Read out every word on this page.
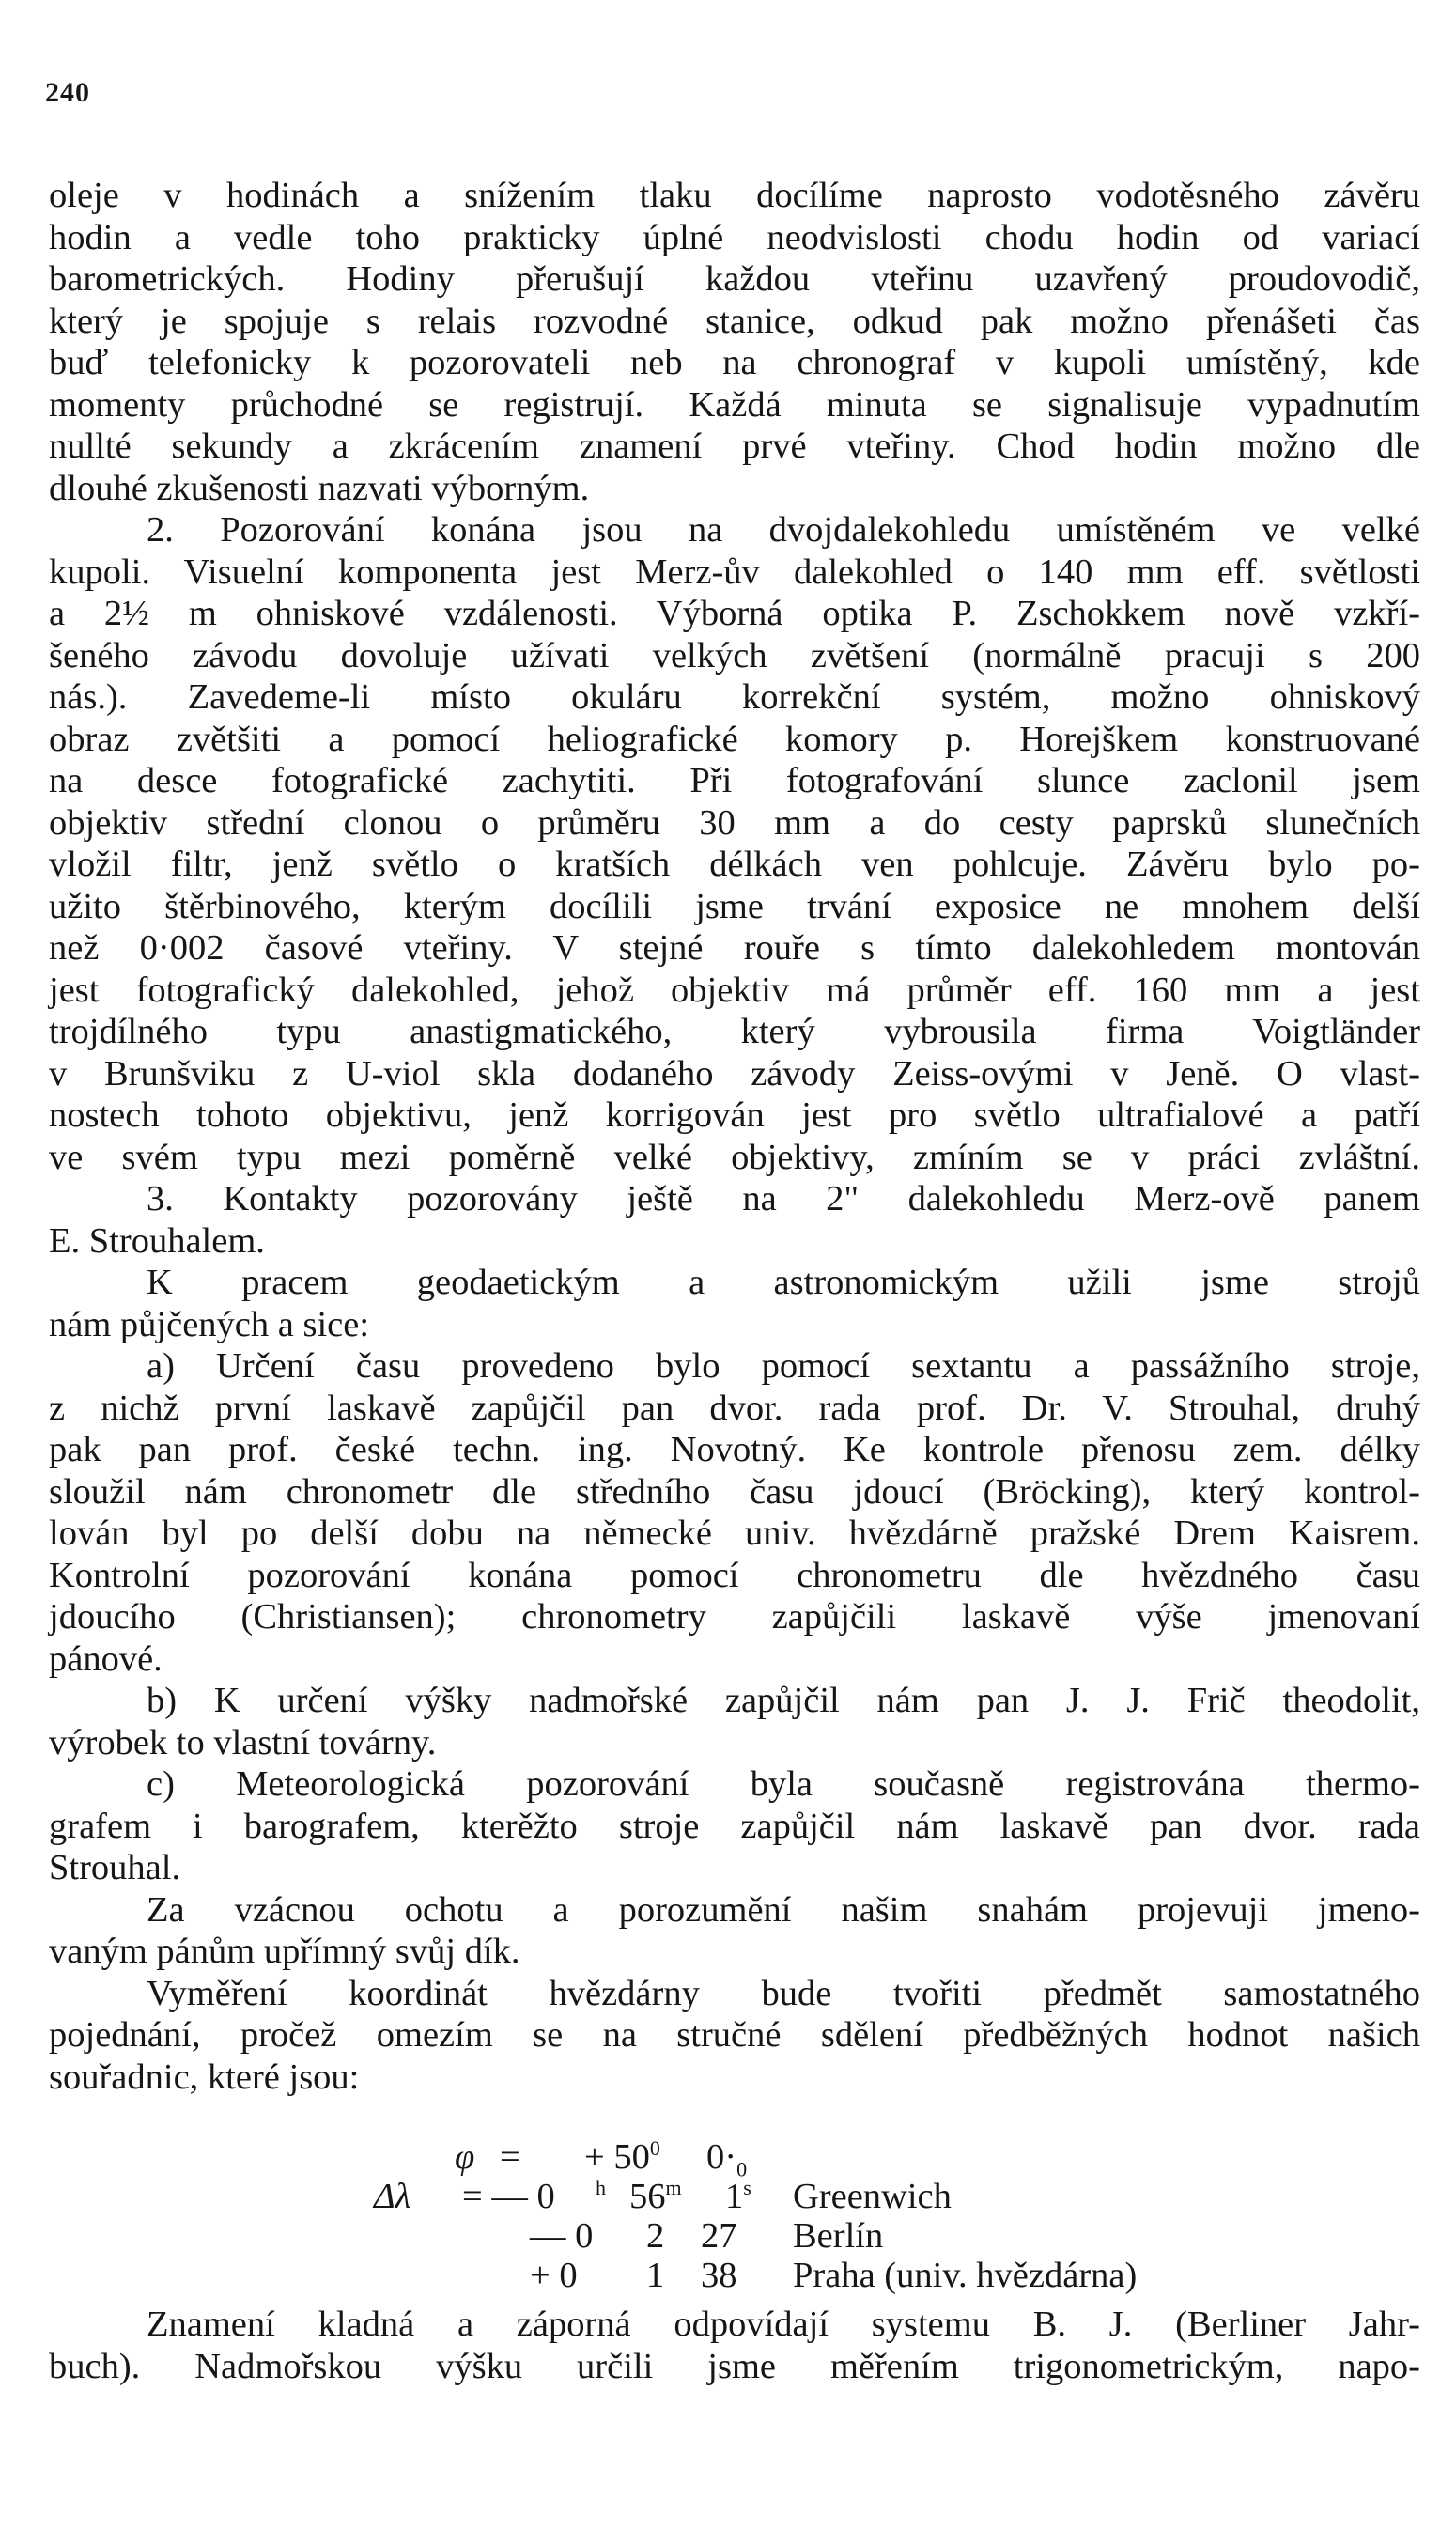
240
oleje v hodinách a snížením tlaku docílíme naprosto vodotěsného závěru
hodin a vedle toho prakticky úplné neodvislosti chodu hodin od variací
barometrických. Hodiny přerušují každou vteřinu uzavřený proudovodič,
který je spojuje s relais rozvodné stanice, odkud pak možno přenášeti čas
buď telefonicky k pozorovateli neb na chronograf v kupoli umístěný, kde
momenty průchodné se registrují. Každá minuta se signalisuje vypadnutím
nullté sekundy a zkrácením znamení prvé vteřiny. Chod hodin možno dle
dlouhé zkušenosti nazvati výborným.
2. Pozorování konána jsou na dvojdalekohledu umístěném ve velké
kupoli. Visuelní komponenta jest Merz-ův dalekohled o 140 mm eff. světlosti
a 2½ m ohniskové vzdálenosti. Výborná optika P. Zschokkem nově vzkří-
šeného závodu dovoluje užívati velkých zvětšení (normálně pracuji s 200
nás.). Zavedeme-li místo okuláru korrekční systém, možno ohniskový
obraz zvětšiti a pomocí heliografické komory p. Horejškem konstruované
na desce fotografické zachytiti. Při fotografování slunce zaclonil jsem
objektiv střední clonou o průměru 30 mm a do cesty paprsků slunečních
vložil filtr, jenž světlo o kratších délkách ven pohlcuje. Závěru bylo po-
užito štěrbinového, kterým docílili jsme trvání exposice ne mnohem delší
než 0·002 časové vteřiny. V stejné rouře s tímto dalekohledem montován
jest fotografický dalekohled, jehož objektiv má průměr eff. 160 mm a jest
trojdílného typu anastigmatického, který vybrousila firma Voigtländer
v Brunšviku z U-viol skla dodaného závody Zeiss-ovými v Jeně. O vlast-
nostech tohoto objektivu, jenž korrigován jest pro světlo ultrafialové a patří
ve svém typu mezi poměrně velké objektivy, zmíním se v práci zvláštní.
3. Kontakty pozorovány ještě na 2" dalekohledu Merz-ově panem
E. Strouhalem.
K pracem geodaetickým a astronomickým užili jsme strojů
nám půjčených a sice:
a) Určení času provedeno bylo pomocí sextantu a passážního stroje,
z nichž první laskavě zapůjčil pan dvor. rada prof. Dr. V. Strouhal, druhý
pak pan prof. české techn. ing. Novotný. Ke kontrole přenosu zem. délky
sloužil nám chronometr dle středního času jdoucí (Bröcking), který kontrol-
lován byl po delší dobu na německé univ. hvězdárně pražské Drem Kaisrem.
Kontrolní pozorování konána pomocí chronometru dle hvězdného času
jdoucího (Christiansen); chronometry zapůjčili laskavě výše jmenovaní
pánové.
b) K určení výšky nadmořské zapůjčil nám pan J. J. Frič theodolit,
výrobek to vlastní továrny.
c) Meteorologická pozorování byla současně registrována thermo-
grafem i barografem, kterěžto stroje zapůjčil nám laskavě pan dvor. rada
Strouhal.
Za vzácnou ochotu a porozumění našim snahám projevuji jmeno-
vaným pánům upřímný svůj dík.
Vyměření koordinát hvězdárny bude tvořiti předmět samostatného
pojednání, pročež omezím se na stručné sdělení předběžných hodnot našich
souřadnic, které jsou:
φ = + $50^0$ $0\cdot_0$
Δλ = — 0 $^h$ 56$^m$ 1$^s$ Greenwich
— 0 2 27 Berlín
+ 0 1 38 Praha (univ. hvězdárna)
Znamení kladná a záporná odpovídají systemu B. J. (Berliner Jahr-
buch). Nadmořskou výšku určili jsme měřením trigonometrickým, napo-
